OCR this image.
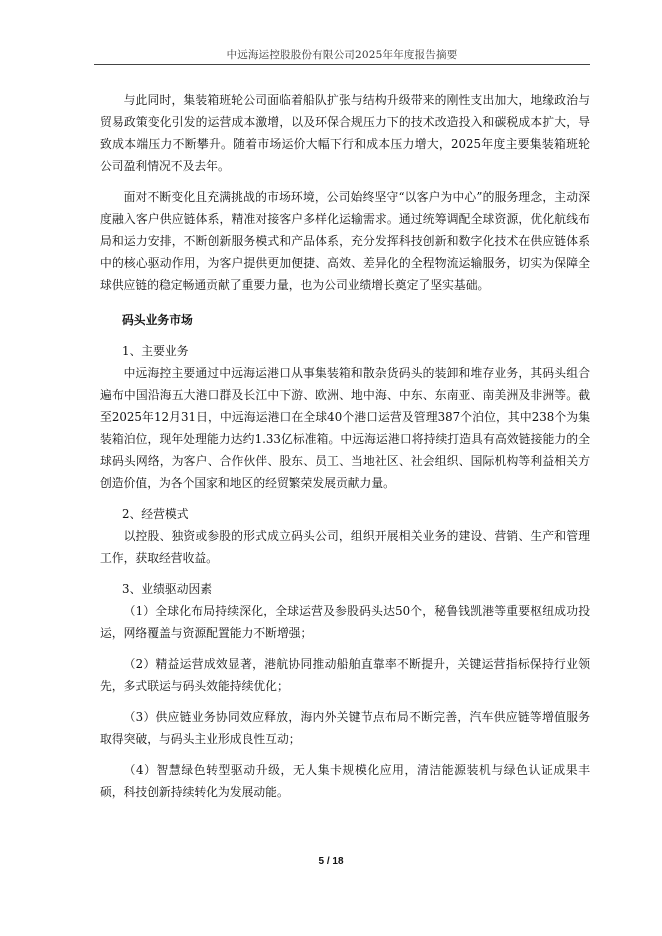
中远海运控股股份有限公司2025年年度报告摘要

与此同时，集装箱班轮公司面临着船队扩张与结构升级带来的刚性支出加大，地缘政治与贸易政策变化引发的运营成本激增，以及环保合规压力下的技术改造投入和碳税成本扩大，导致成本端压力不断攀升。随着市场运价大幅下行和成本压力增大，2025年度主要集装箱班轮公司盈利情况不及去年。

面对不断变化且充满挑战的市场环境，公司始终坚守“以客户为中心”的服务理念，主动深度融入客户供应链体系，精准对接客户多样化运输需求。通过统筹调配全球资源，优化航线布局和运力安排，不断创新服务模式和产品体系，充分发挥科技创新和数字化技术在供应链体系中的核心驱动作用，为客户提供更加便捷、高效、差异化的全程物流运输服务，切实为保障全球供应链的稳定畅通贡献了重要力量，也为公司业绩增长奠定了坚实基础。

码头业务市场

1、主要业务

中远海控主要通过中远海运港口从事集装箱和散杂货码头的装卸和堆存业务，其码头组合遍布中国沿海五大港口群及长江中下游、欧洲、地中海、中东、东南亚、南美洲及非洲等。截至2025年12月31日，中远海运港口在全球40个港口运营及管理387个泊位，其中238个为集装箱泊位，现年处理能力达约1.33亿标准箱。中远海运港口将持续打造具有高效链接能力的全球码头网络，为客户、合作伙伴、股东、员工、当地社区、社会组织、国际机构等利益相关方创造价值，为各个国家和地区的经贸繁荣发展贡献力量。

2、经营模式

以控股、独资或参股的形式成立码头公司，组织开展相关业务的建设、营销、生产和管理工作，获取经营收益。

3、业绩驱动因素

（1）全球化布局持续深化，全球运营及参股码头达50个，秘鲁钱凯港等重要枢纽成功投运，网络覆盖与资源配置能力不断增强；

（2）精益运营成效显著，港航协同推动船舶直靠率不断提升，关键运营指标保持行业领先，多式联运与码头效能持续优化；

（3）供应链业务协同效应释放，海内外关键节点布局不断完善，汽车供应链等增值服务取得突破，与码头主业形成良性互动；

（4）智慧绿色转型驱动升级，无人集卡规模化应用，清洁能源装机与绿色认证成果丰硕，科技创新持续转化为发展动能。

5 / 18
